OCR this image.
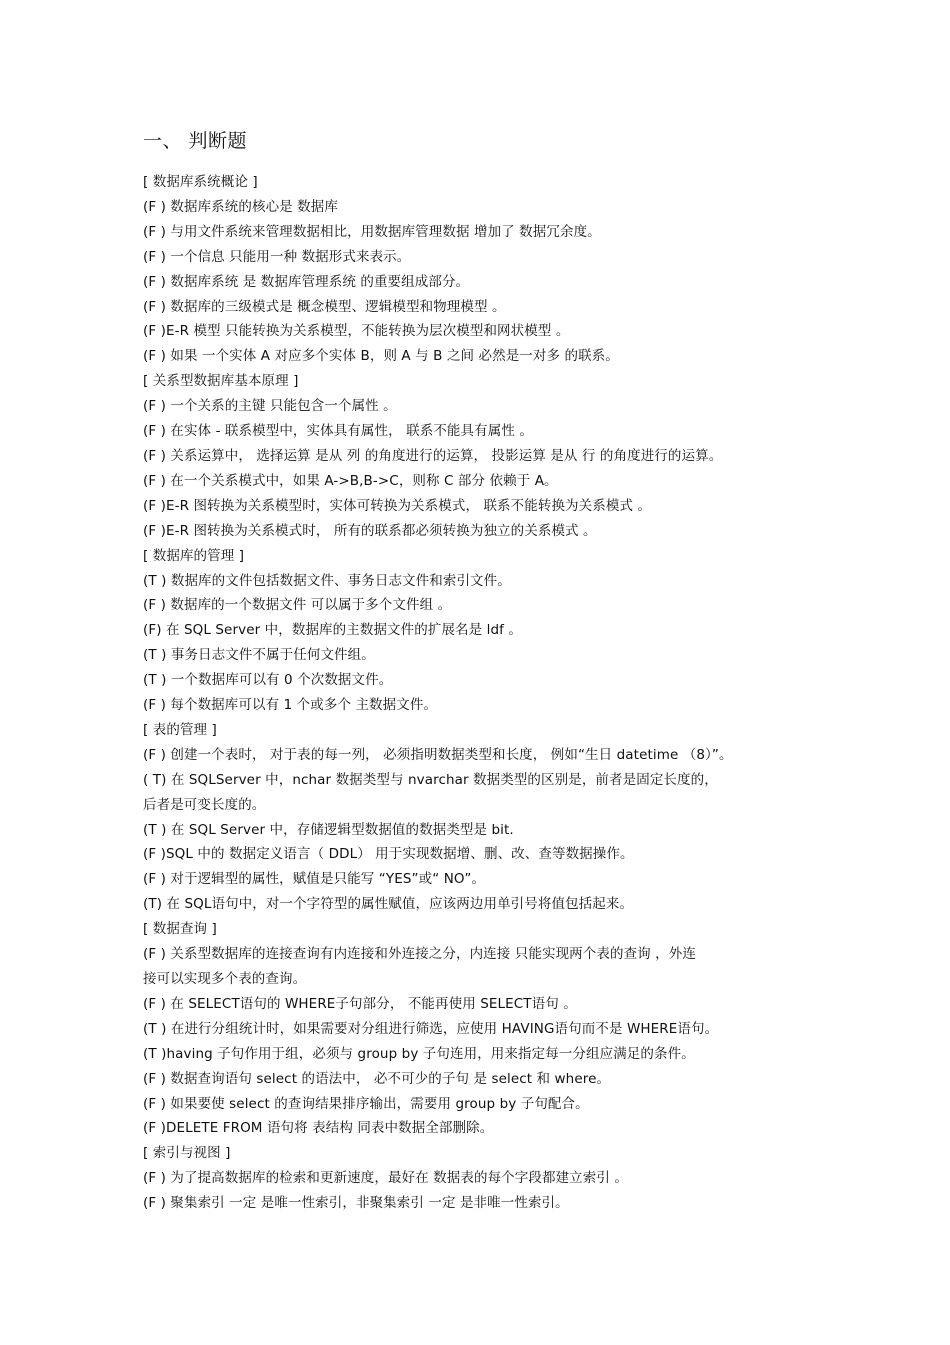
一、 判断题
[ 数据库系统概论 ]
(F ) 数据库系统的核心是 数据库
(F ) 与用文件系统来管理数据相比，用数据库管理数据 增加了 数据冗余度。
(F ) 一个信息 只能用一种 数据形式来表示。
(F ) 数据库系统 是 数据库管理系统 的重要组成部分。
(F ) 数据库的三级模式是 概念模型、逻辑模型和物理模型 。
(F )E-R 模型 只能转换为关系模型，不能转换为层次模型和网状模型 。
(F ) 如果 一个实体 A 对应多个实体 B，则 A 与 B 之间 必然是一对多 的联系。
[ 关系型数据库基本原理 ]
(F ) 一个关系的主键 只能包含一个属性 。
(F ) 在实体 - 联系模型中，实体具有属性， 联系不能具有属性 。
(F ) 关系运算中， 选择运算 是从 列 的角度进行的运算， 投影运算 是从 行 的角度进行的运算。
(F ) 在一个关系模式中，如果 A->B,B->C，则称 C 部分 依赖于 A。
(F )E-R 图转换为关系模型时，实体可转换为关系模式， 联系不能转换为关系模式 。
(F )E-R 图转换为关系模式时， 所有的联系都必须转换为独立的关系模式 。
[ 数据库的管理 ]
(T ) 数据库的文件包括数据文件、事务日志文件和索引文件。
(F ) 数据库的一个数据文件 可以属于多个文件组 。
(F) 在 SQL Server 中，数据库的主数据文件的扩展名是 ldf 。
(T ) 事务日志文件不属于任何文件组。
(T ) 一个数据库可以有 0 个次数据文件。
(F ) 每个数据库可以有 1 个或多个 主数据文件。
[ 表的管理 ]
(F ) 创建一个表时， 对于表的每一列， 必须指明数据类型和长度， 例如“生日 datetime （8）”。
( T) 在 SQLServer 中，nchar 数据类型与 nvarchar 数据类型的区别是，前者是固定长度的，
后者是可变长度的。
(T ) 在 SQL Server 中，存储逻辑型数据值的数据类型是 bit.
(F )SQL 中的 数据定义语言（ DDL） 用于实现数据增、删、改、查等数据操作。
(F ) 对于逻辑型的属性，赋值是只能写 “YES”或“ NO”。
(T) 在 SQL语句中，对一个字符型的属性赋值，应该两边用单引号将值包括起来。
[ 数据查询 ]
(F ) 关系型数据库的连接查询有内连接和外连接之分，内连接 只能实现两个表的查询 ，外连
接可以实现多个表的查询。
(F ) 在 SELECT语句的 WHERE子句部分， 不能再使用 SELECT语句 。
(T ) 在进行分组统计时，如果需要对分组进行筛选，应使用 HAVING语句而不是 WHERE语句。
(T )having 子句作用于组，必须与 group by 子句连用，用来指定每一分组应满足的条件。
(F ) 数据查询语句 select 的语法中， 必不可少的子句 是 select 和 where。
(F ) 如果要使 select 的查询结果排序输出，需要用 group by 子句配合。
(F )DELETE FROM 语句将 表结构 同表中数据全部删除。
[ 索引与视图 ]
(F ) 为了提高数据库的检索和更新速度，最好在 数据表的每个字段都建立索引 。
(F ) 聚集索引 一定 是唯一性索引，非聚集索引 一定 是非唯一性索引。
